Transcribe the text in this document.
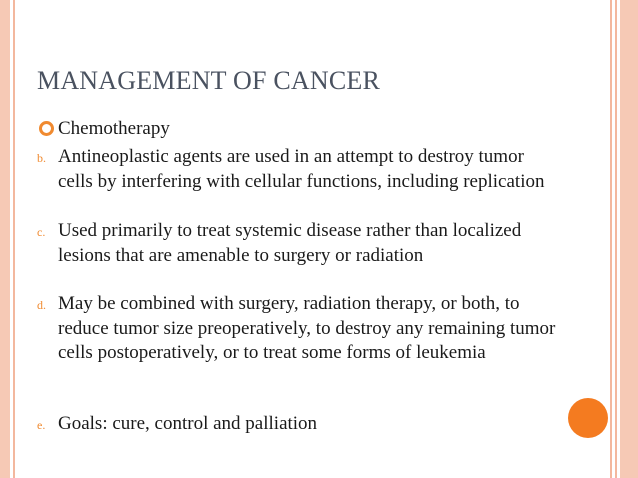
MANAGEMENT OF CANCER
Chemotherapy
b. Antineoplastic agents are used in an attempt to destroy tumor cells by interfering with cellular functions, including replication
c. Used primarily to treat systemic disease rather than localized lesions that are amenable to surgery or radiation
d. May be combined with surgery, radiation therapy, or both, to reduce tumor size preoperatively, to destroy any remaining tumor cells postoperatively, or to treat some forms of leukemia
e. Goals: cure, control and palliation
